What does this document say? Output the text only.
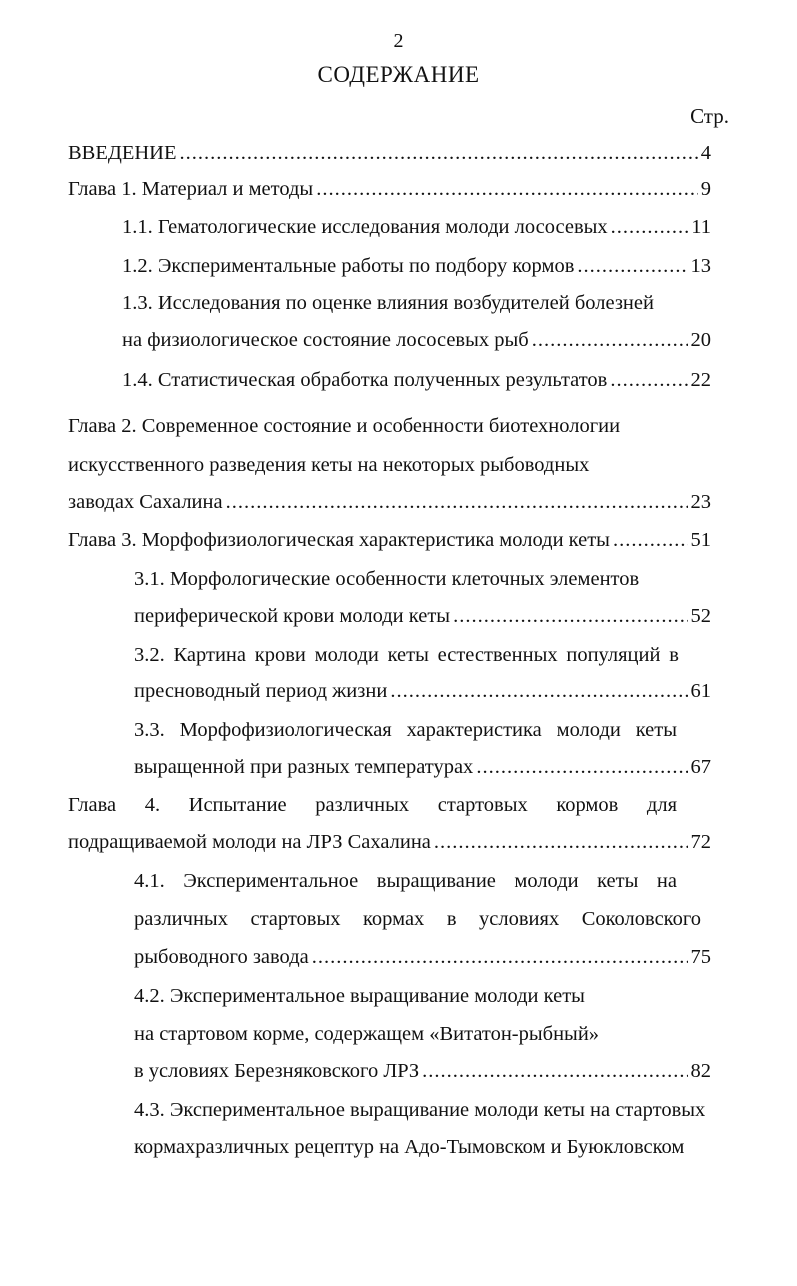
2
СОДЕРЖАНИЕ
Стр.
ВВЕДЕНИЕ .....	4
Глава 1. Материал и методы .....	9
1.1. Гематологические исследования молоди лососевых .....	11
1.2. Экспериментальные работы по подбору кормов .....	13
1.3. Исследования по оценке влияния возбудителей болезней
на физиологическое состояние лососевых рыб .....	20
1.4. Статистическая обработка полученных результатов .....	22
Глава 2. Современное состояние и особенности биотехнологии
искусственного разведения кеты на некоторых рыбоводных
заводах Сахалина .....	23
Глава 3. Морфофизиологическая характеристика молоди кеты .....	51
3.1. Морфологические особенности клеточных элементов
периферической крови молоди кеты .....	52
3.2. Картина крови молоди кеты естественных популяций в
пресноводный период жизни .....	61
3.3. Морфофизиологическая характеристика молоди кеты
выращенной при разных температурах .....	67
Глава 4. Испытание различных стартовых кормов для
подращиваемой молоди на ЛРЗ Сахалина .....	72
4.1. Экспериментальное выращивание молоди кеты на
различных стартовых кормах в условиях Соколовского
рыбоводного завода .....	75
4.2. Экспериментальное выращивание молоди кеты
на стартовом корме, содержащем «Витатон-рыбный»
в условиях Березняковского ЛРЗ .....	82
4.3. Экспериментальное выращивание молоди кеты на стартовых
кормахразличных рецептур на Адо-Тымовском и Буюкловском
